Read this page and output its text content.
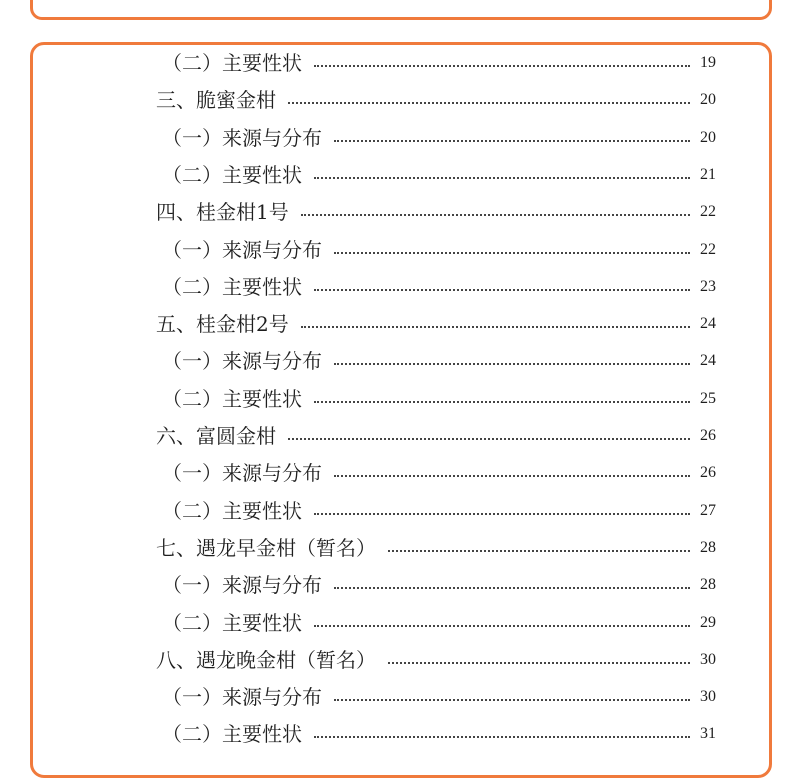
（二）主要性状	19
三、脆蜜金柑	20
（一）来源与分布	20
（二）主要性状	21
四、桂金柑1号	22
（一）来源与分布	22
（二）主要性状	23
五、桂金柑2号	24
（一）来源与分布	24
（二）主要性状	25
六、富圆金柑	26
（一）来源与分布	26
（二）主要性状	27
七、遇龙早金柑（暂名）	28
（一）来源与分布	28
（二）主要性状	29
八、遇龙晚金柑（暂名）	30
（一）来源与分布	30
（二）主要性状	31
